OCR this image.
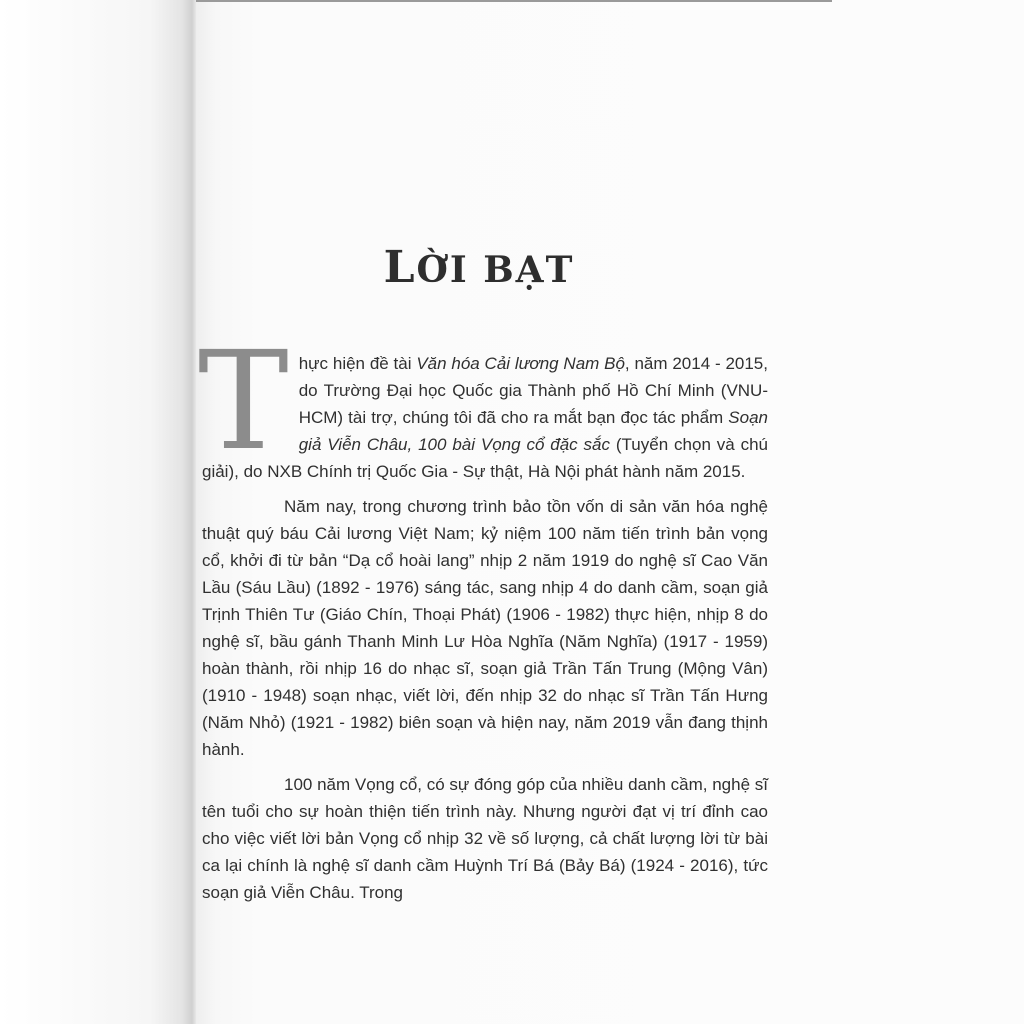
LỜI BẠT

Thực hiện đề tài Văn hóa Cải lương Nam Bộ, năm 2014 - 2015, do Trường Đại học Quốc gia Thành phố Hồ Chí Minh (VNU-HCM) tài trợ, chúng tôi đã cho ra mắt bạn đọc tác phẩm Soạn giả Viễn Châu, 100 bài Vọng cổ đặc sắc (Tuyển chọn và chú giải), do NXB Chính trị Quốc Gia - Sự thật, Hà Nội phát hành năm 2015.

Năm nay, trong chương trình bảo tồn vốn di sản văn hóa nghệ thuật quý báu Cải lương Việt Nam; kỷ niệm 100 năm tiến trình bản vọng cổ, khởi đi từ bản “Dạ cổ hoài lang” nhịp 2 năm 1919 do nghệ sĩ Cao Văn Lầu (Sáu Lầu) (1892 - 1976) sáng tác, sang nhịp 4 do danh cầm, soạn giả Trịnh Thiên Tư (Giáo Chín, Thoại Phát) (1906 - 1982) thực hiện, nhịp 8 do nghệ sĩ, bầu gánh Thanh Minh Lư Hòa Nghĩa (Năm Nghĩa) (1917 - 1959) hoàn thành, rồi nhịp 16 do nhạc sĩ, soạn giả Trần Tấn Trung (Mộng Vân) (1910 - 1948) soạn nhạc, viết lời, đến nhịp 32 do nhạc sĩ Trần Tấn Hưng (Năm Nhỏ) (1921 - 1982) biên soạn và hiện nay, năm 2019 vẫn đang thịnh hành.

100 năm Vọng cổ, có sự đóng góp của nhiều danh cầm, nghệ sĩ tên tuổi cho sự hoàn thiện tiến trình này. Nhưng người đạt vị trí đỉnh cao cho việc viết lời bản Vọng cổ nhịp 32 về số lượng, cả chất lượng lời từ bài ca lại chính là nghệ sĩ danh cầm Huỳnh Trí Bá (Bảy Bá) (1924 - 2016), tức soạn giả Viễn Châu. Trong
